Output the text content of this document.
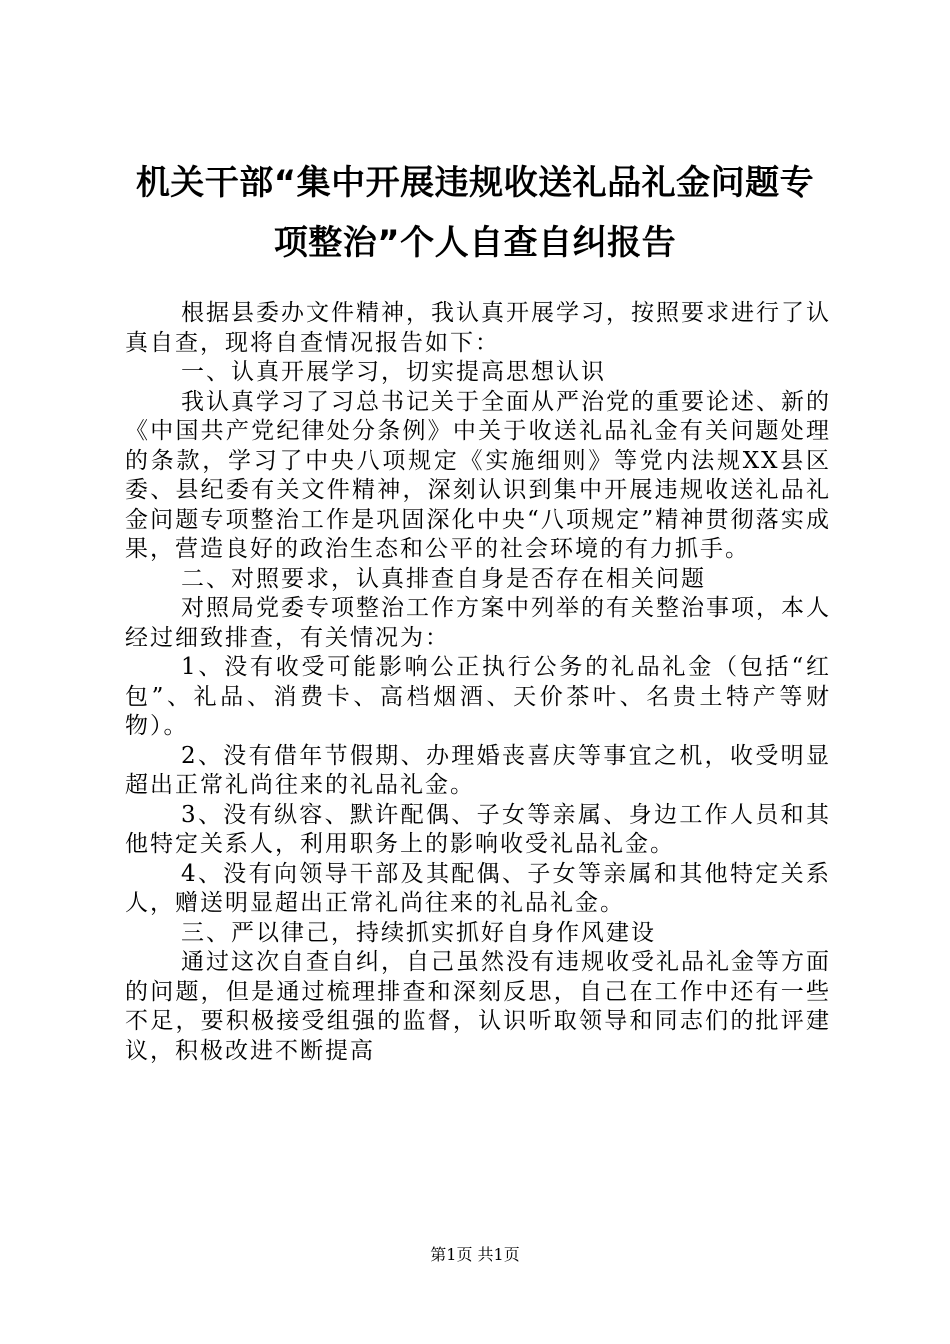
机关干部“集中开展违规收送礼品礼金问题专
项整治”个人自查自纠报告

根据县委办文件精神，我认真开展学习，按照要求进行了认真自查，现将自查情况报告如下：

一、认真开展学习，切实提高思想认识

我认真学习了习总书记关于全面从严治党的重要论述、新的《中国共产党纪律处分条例》中关于收送礼品礼金有关问题处理的条款，学习了中央八项规定《实施细则》等党内法规XX县区委、县纪委有关文件精神，深刻认识到集中开展违规收送礼品礼金问题专项整治工作是巩固深化中央“八项规定”精神贯彻落实成果，营造良好的政治生态和公平的社会环境的有力抓手。

二、对照要求，认真排查自身是否存在相关问题

对照局党委专项整治工作方案中列举的有关整治事项，本人经过细致排查，有关情况为：

1、没有收受可能影响公正执行公务的礼品礼金（包括“红包”、礼品、消费卡、高档烟酒、天价茶叶、名贵土特产等财物）。

2、没有借年节假期、办理婚丧喜庆等事宜之机，收受明显超出正常礼尚往来的礼品礼金。

3、没有纵容、默许配偶、子女等亲属、身边工作人员和其他特定关系人，利用职务上的影响收受礼品礼金。

4、没有向领导干部及其配偶、子女等亲属和其他特定关系人，赠送明显超出正常礼尚往来的礼品礼金。

三、严以律己，持续抓实抓好自身作风建设

通过这次自查自纠，自己虽然没有违规收受礼品礼金等方面的问题，但是通过梳理排查和深刻反思，自己在工作中还有一些不足，要积极接受组强的监督，认识听取领导和同志们的批评建议，积极改进不断提高

第1页 共1页
